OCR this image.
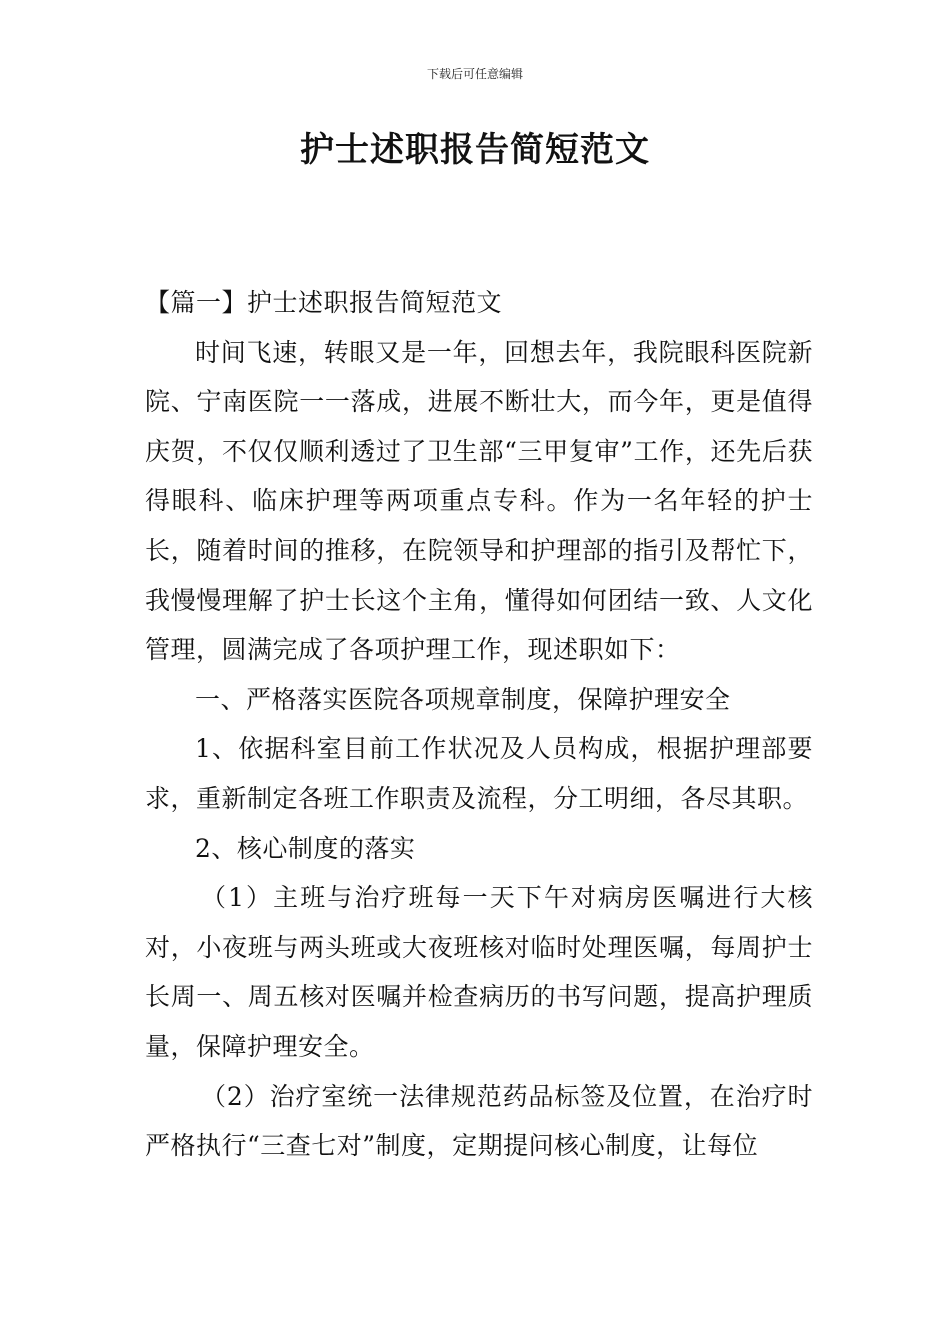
下载后可任意编辑
护士述职报告简短范文

【篇一】护士述职报告简短范文

时间飞速，转眼又是一年，回想去年，我院眼科医院新院、宁南医院一一落成，进展不断壮大，而今年，更是值得庆贺，不仅仅顺利透过了卫生部“三甲复审”工作，还先后获得眼科、临床护理等两项重点专科。作为一名年轻的护士长，随着时间的推移，在院领导和护理部的指引及帮忙下，我慢慢理解了护士长这个主角，懂得如何团结一致、人文化管理，圆满完成了各项护理工作，现述职如下：

一、严格落实医院各项规章制度，保障护理安全

1、依据科室目前工作状况及人员构成，根据护理部要求，重新制定各班工作职责及流程，分工明细，各尽其职。

2、核心制度的落实

（1）主班与治疗班每一天下午对病房医嘱进行大核对，小夜班与两头班或大夜班核对临时处理医嘱，每周护士长周一、周五核对医嘱并检查病历的书写问题，提高护理质量，保障护理安全。

（2）治疗室统一法律规范药品标签及位置，在治疗时严格执行“三查七对”制度，定期提问核心制度，让每位
